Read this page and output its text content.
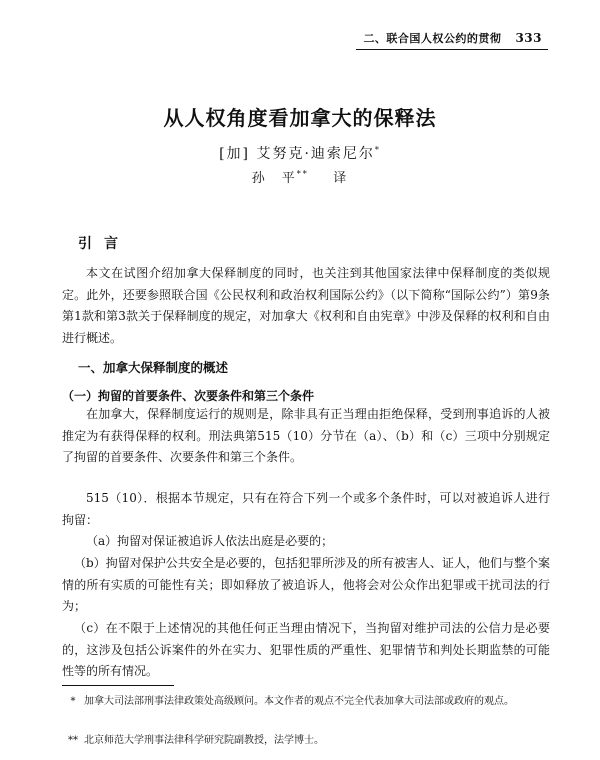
二、联合国人权公约的贯彻 333
从人权角度看加拿大的保释法
[加] 艾努克·迪索尼尔*
孙　平** 译
引言

本文在试图介绍加拿大保释制度的同时，也关注到其他国家法律中保释制度的类似规定。此外，还要参照联合国《公民权利和政治权利国际公约》（以下简称“国际公约”）第9条第1款和第3款关于保释制度的规定，对加拿大《权利和自由宪章》中涉及保释的权利和自由进行概述。

一、加拿大保释制度的概述
（一）拘留的首要条件、次要条件和第三个条件

在加拿大，保释制度运行的规则是，除非具有正当理由拒绝保释，受到刑事追诉的人被推定为有获得保释的权利。刑法典第515（10）分节在（a）、（b）和（c）三项中分别规定了拘留的首要条件、次要条件和第三个条件。

515（10）．根据本节规定，只有在符合下列一个或多个条件时，可以对被追诉人进行拘留：

（a）拘留对保证被追诉人依法出庭是必要的；

（b）拘留对保护公共安全是必要的，包括犯罪所涉及的所有被害人、证人，他们与整个案情的所有实质的可能性有关；即如释放了被追诉人，他将会对公众作出犯罪或干扰司法的行为；

（c）在不限于上述情况的其他任何正当理由情况下，当拘留对维护司法的公信力是必要的，这涉及包括公诉案件的外在实力、犯罪性质的严重性、犯罪情节和判处长期监禁的可能性等的所有情况。

* 加拿大司法部刑事法律政策处高级顾问。本文作者的观点不完全代表加拿大司法部或政府的观点。

** 北京师范大学刑事法律科学研究院副教授，法学博士。
